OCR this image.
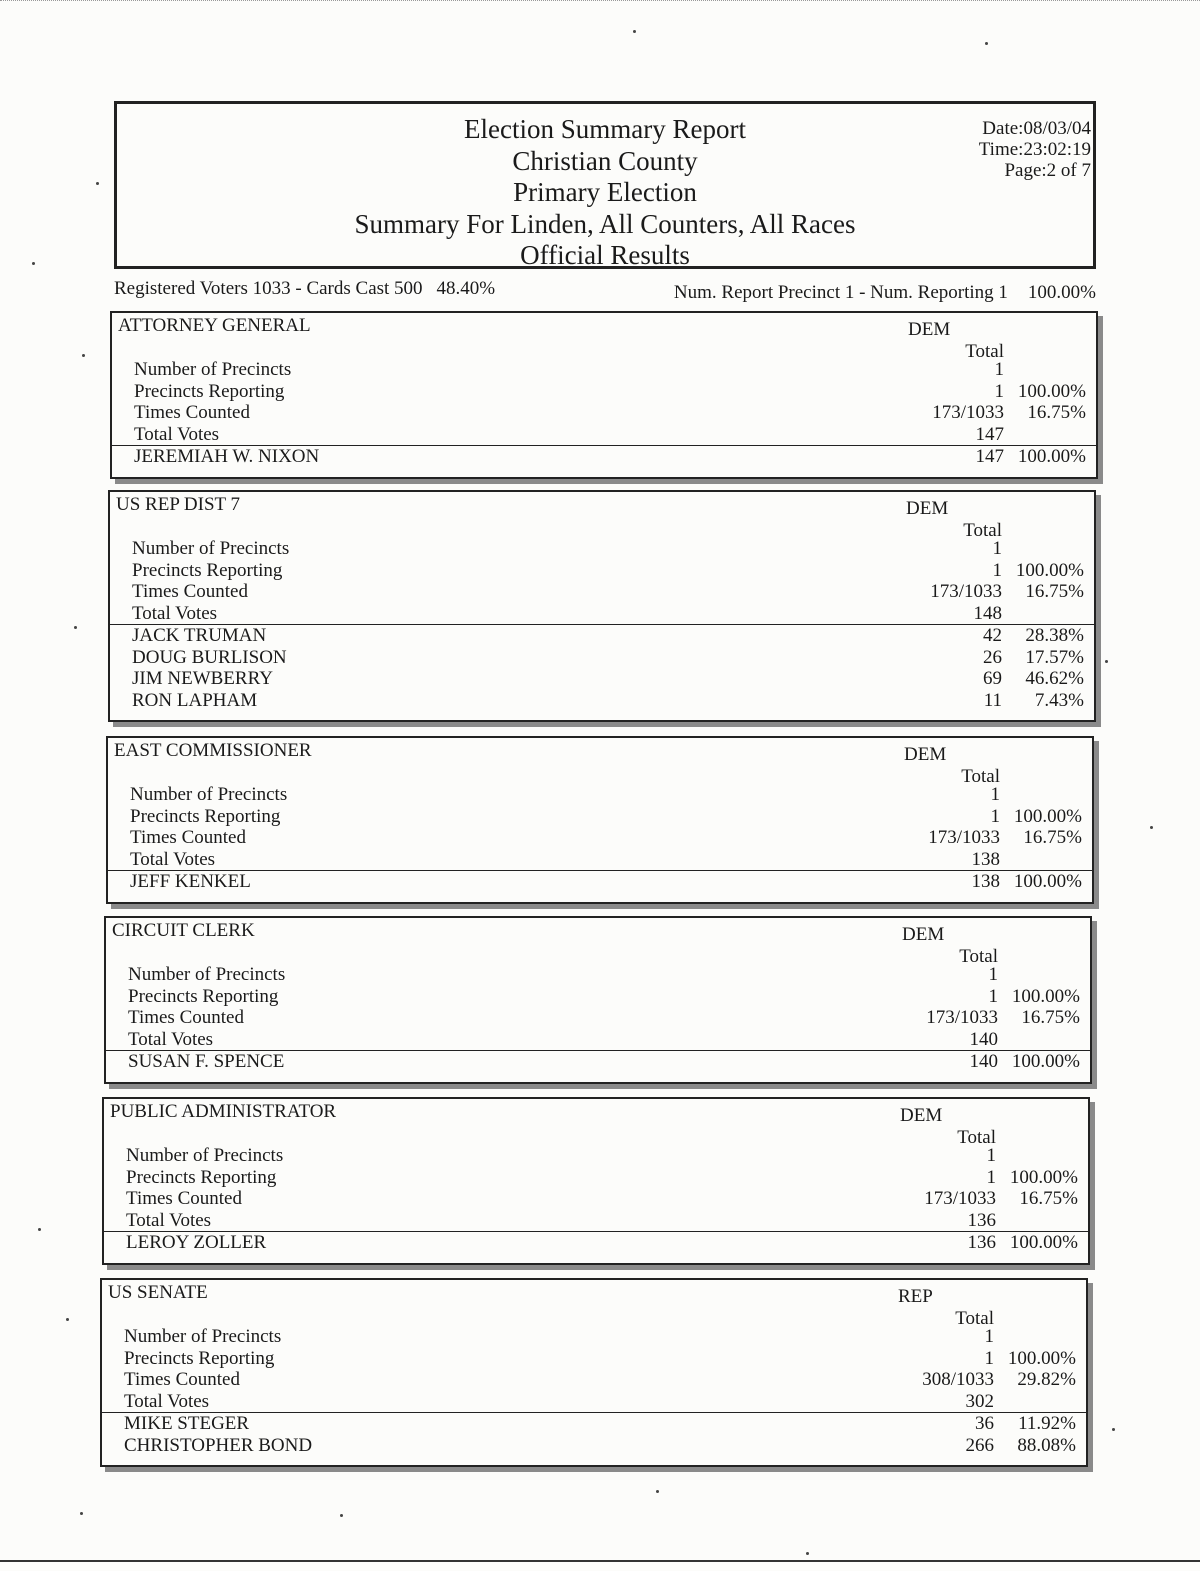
Election Summary Report
Christian County
Primary Election
Summary For Linden, All Counters, All Races
Official Results
Date:08/03/04
Time:23:02:19
Page:2 of 7
Registered Voters 1033 - Cards Cast 500 48.40%	Num. Report Precinct 1 - Num. Reporting 1 100.00%
ATTORNEY GENERAL	DEM
Total
Number of Precincts	1
Precincts Reporting	1 100.00%
Times Counted	173/1033	16.75%
Total Votes	147
JEREMIAH W. NIXON	147 100.00%
US REP DIST 7	DEM
Total
Number of Precincts	1
Precincts Reporting	1 100.00%
Times Counted	173/1033	16.75%
Total Votes	148
JACK TRUMAN	42	28.38%
DOUG BURLISON	26	17.57%
JIM NEWBERRY	69	46.62%
RON LAPHAM	11	7.43%
EAST COMMISSIONER	DEM
Total
Number of Precincts	1
Precincts Reporting	1 100.00%
Times Counted	173/1033	16.75%
Total Votes	138
JEFF KENKEL	138 100.00%
CIRCUIT CLERK	DEM
Total
Number of Precincts	1
Precincts Reporting	1 100.00%
Times Counted	173/1033	16.75%
Total Votes	140
SUSAN F. SPENCE	140 100.00%
PUBLIC ADMINISTRATOR	DEM
Total
Number of Precincts	1
Precincts Reporting	1 100.00%
Times Counted	173/1033	16.75%
Total Votes	136
LEROY ZOLLER	136 100.00%
US SENATE	REP
Total
Number of Precincts	1
Precincts Reporting	1 100.00%
Times Counted	308/1033	29.82%
Total Votes	302
MIKE STEGER	36	11.92%
CHRISTOPHER BOND	266	88.08%
